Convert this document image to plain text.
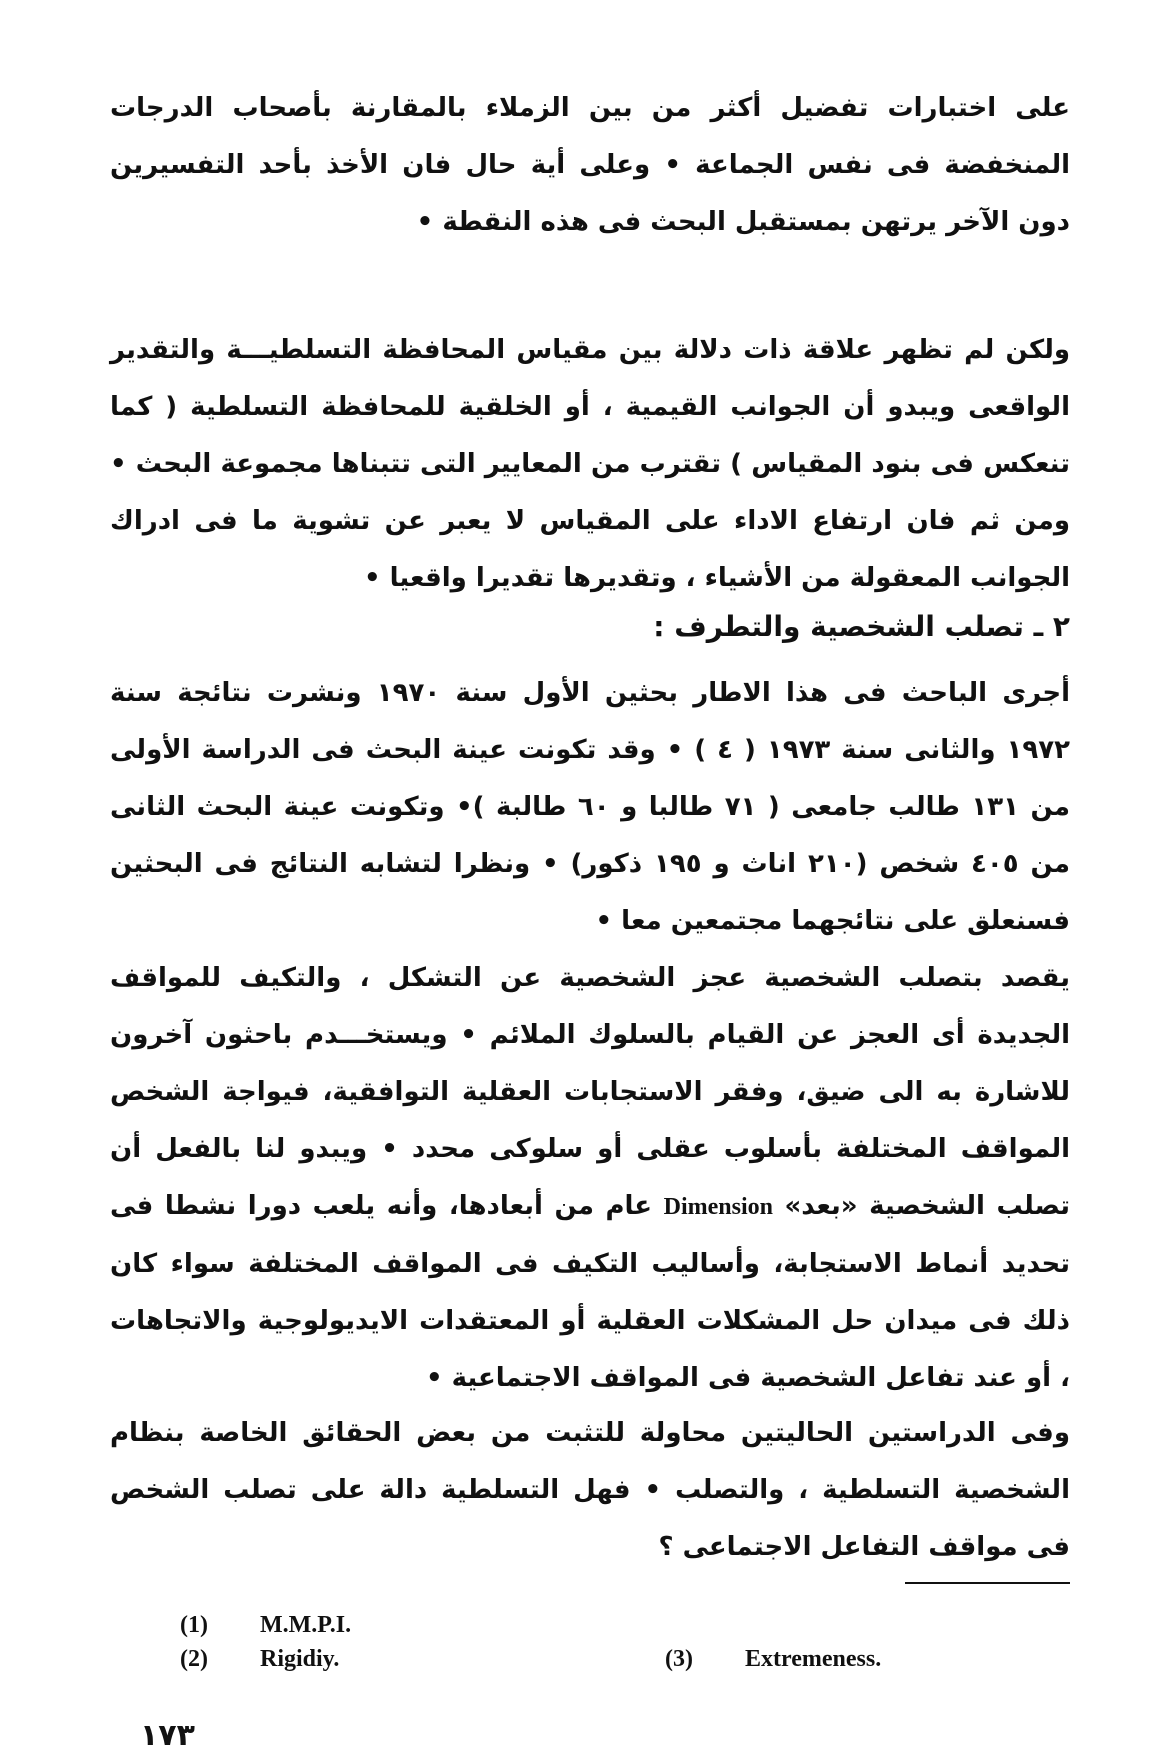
على اختبارات تفضيل أكثر من بين الزملاء بالمقارنة بأصحاب الدرجات المنخفضة فى نفس الجماعة • وعلى أية حال فان الأخذ بأحد التفسيرين دون الآخر يرتهن بمستقبل البحث فى هذه النقطة •

ولكن لم تظهر علاقة ذات دلالة بين مقياس المحافظة التسلطيـــة والتقدير الواقعى ويبدو أن الجوانب القيمية ، أو الخلقية للمحافظة التسلطية ( كما تنعكس فى بنود المقياس ) تقترب من المعايير التى تتبناها مجموعة البحث • ومن ثم فان ارتفاع الاداء على المقياس لا يعبر عن تشوية ما فى ادراك الجوانب المعقولة من الأشياء ، وتقديرها تقديرا واقعيا •

٢ ـ تصلب الشخصية والتطرف :

أجرى الباحث فى هذا الاطار بحثين الأول سنة ١٩٧٠ ونشرت نتائجة سنة ١٩٧٢ والثانى سنة ١٩٧٣ ( ٤ ) • وقد تكونت عينة البحث فى الدراسة الأولى من ١٣١ طالب جامعى ( ٧١ طالبا و ٦٠ طالبة )• وتكونت عينة البحث الثانى من ٤٠٥ شخص (٢١٠ اناث و ١٩٥ ذكور) • ونظرا لتشابه النتائج فى البحثين فسنعلق على نتائجهما مجتمعين معا •

يقصد بتصلب الشخصية عجز الشخصية عن التشكل ، والتكيف للمواقف الجديدة أى العجز عن القيام بالسلوك الملائم • ويستخـــدم باحثون آخرون للاشارة به الى ضيق، وفقر الاستجابات العقلية التوافقية، فيواجة الشخص المواقف المختلفة بأسلوب عقلى أو سلوكى محدد • ويبدو لنا بالفعل أن تصلب الشخصية «بعد» Dimension عام من أبعادها، وأنه يلعب دورا نشطا فى تحديد أنماط الاستجابة، وأساليب التكيف فى المواقف المختلفة سواء كان ذلك فى ميدان حل المشكلات العقلية أو المعتقدات الايديولوجية والاتجاهات ، أو عند تفاعل الشخصية فى المواقف الاجتماعية •

وفى الدراستين الحاليتين محاولة للتثبت من بعض الحقائق الخاصة بنظام الشخصية التسلطية ، والتصلب • فهل التسلطية دالة على تصلب الشخص فى مواقف التفاعل الاجتماعى ؟

(1) M.M.P.I.
(2) Rigidiy.	(3) Extremeness.
١٧٣
